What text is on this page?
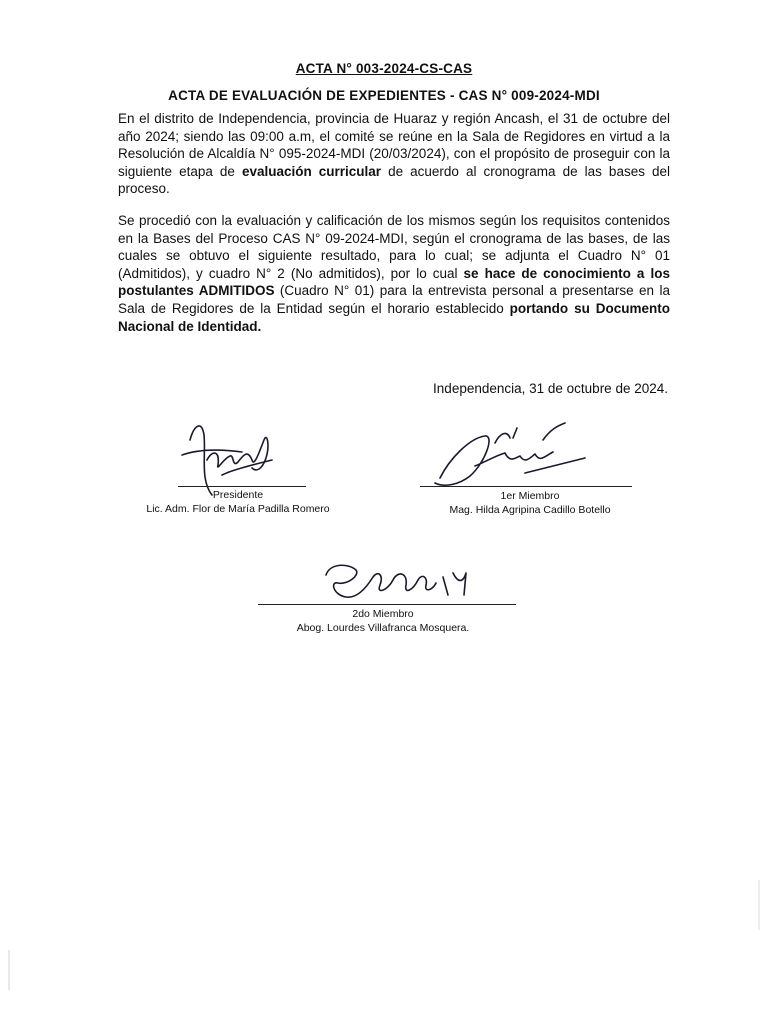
ACTA N° 003-2024-CS-CAS
ACTA DE EVALUACIÓN DE EXPEDIENTES - CAS N° 009-2024-MDI

En el distrito de Independencia, provincia de Huaraz y región Ancash, el 31 de octubre del año 2024; siendo las 09:00 a.m, el comité se reúne en la Sala de Regidores en virtud a la Resolución de Alcaldía N° 095-2024-MDI (20/03/2024), con el propósito de proseguir con la siguiente etapa de evaluación curricular de acuerdo al cronograma de las bases del proceso.

Se procedió con la evaluación y calificación de los mismos según los requisitos contenidos en la Bases del Proceso CAS N° 09-2024-MDI, según el cronograma de las bases, de las cuales se obtuvo el siguiente resultado, para lo cual; se adjunta el Cuadro N° 01 (Admitidos), y cuadro N° 2 (No admitidos), por lo cual se hace de conocimiento a los postulantes ADMITIDOS (Cuadro N° 01) para la entrevista personal a presentarse en la Sala de Regidores de la Entidad según el horario establecido portando su Documento Nacional de Identidad.

Independencia, 31 de octubre de 2024.
Presidente
Lic. Adm. Flor de María Padilla Romero
1er Miembro
Mag. Hilda Agripina Cadillo Botello
2do Miembro
Abog. Lourdes Villafranca Mosquera.
